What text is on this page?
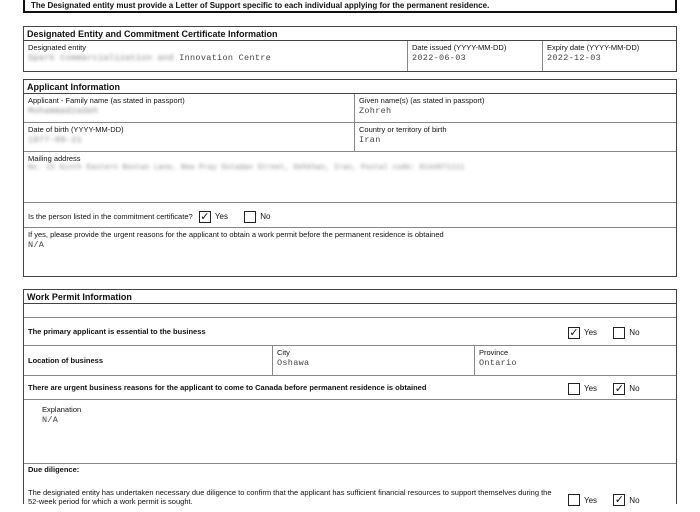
The Designated entity must provide a Letter of Support specific to each individual applying for the permanent residence.
Designated Entity and Commitment Certificate Information
Designated entity
Spark Commercialization and Innovation Centre
Date issued (YYYY-MM-DD)
2022-06-03
Expiry date (YYYY-MM-DD)
2022-12-03
Applicant Information
Applicant - Family name (as stated in passport)
Mohammadzadeh
Given name(s) (as stated in passport)
Zohreh
Date of birth (YYYY-MM-DD)
1977-09-21
Country or territory of birth
Iran
Mailing address
No. 15 Ninth Eastern Bostan Lane, New Pray Ostadan Street, Dehkhan, Iran, Postal code: 8144971111
Is the person listed in the commitment certificate? ✓ Yes	No
If yes, please provide the urgent reasons for the applicant to obtain a work permit before the permanent residence is obtained
N/A
Work Permit Information
The primary applicant is essential to the business	✓ Yes	No
Location of business
City
Oshawa
Province
Ontario
There are urgent business reasons for the applicant to come to Canada before permanent residence is obtained	Yes ✓ No
Explanation
N/A
Due diligence:
The designated entity has undertaken necessary due diligence to confirm that the applicant has sufficient financial resources to support themselves during the 52-week period for which a work permit is sought.	Yes ✓ No
